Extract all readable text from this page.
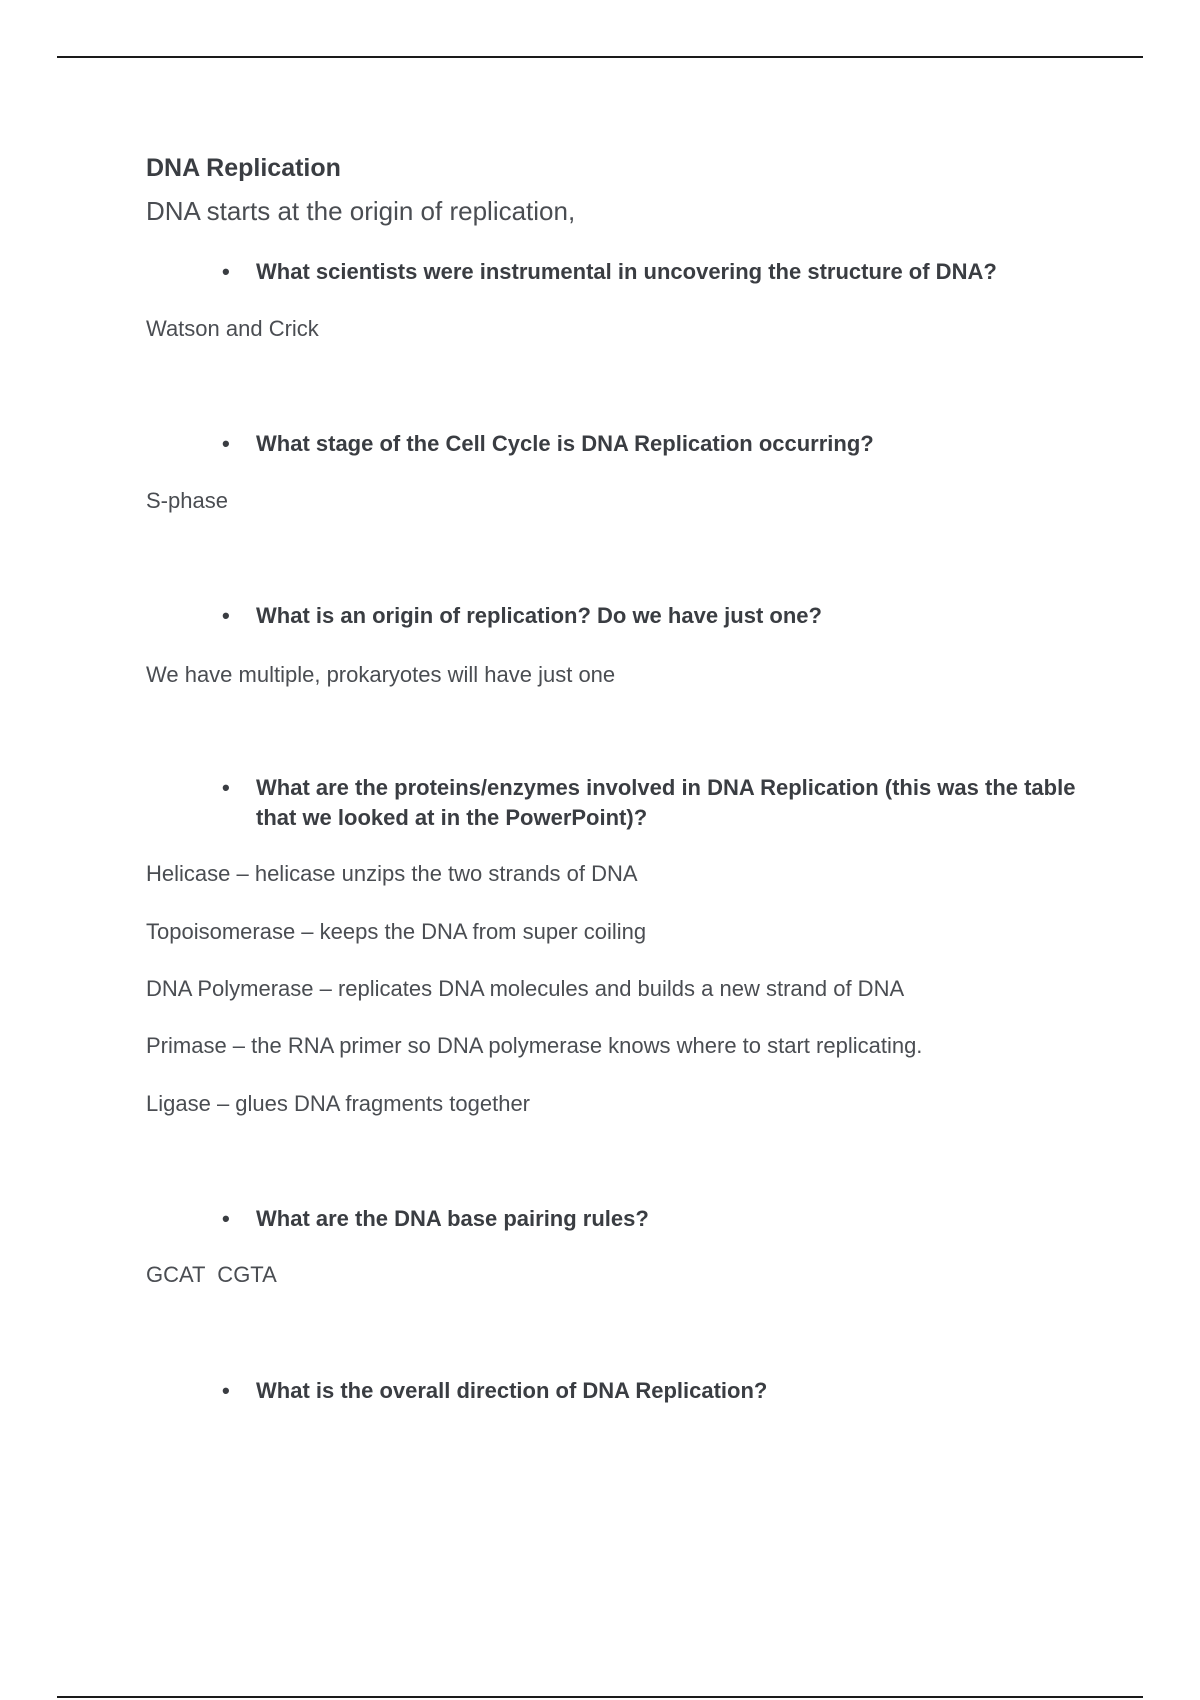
DNA Replication
DNA starts at the origin of replication,
• What scientists were instrumental in uncovering the structure of DNA?
Watson and Crick
• What stage of the Cell Cycle is DNA Replication occurring?
S-phase
• What is an origin of replication? Do we have just one?
We have multiple, prokaryotes will have just one
• What are the proteins/enzymes involved in DNA Replication (this was the table that we looked at in the PowerPoint)?
Helicase – helicase unzips the two strands of DNA
Topoisomerase – keeps the DNA from super coiling
DNA Polymerase – replicates DNA molecules and builds a new strand of DNA
Primase – the RNA primer so DNA polymerase knows where to start replicating.
Ligase – glues DNA fragments together
• What are the DNA base pairing rules?
GCAT  CGTA
• What is the overall direction of DNA Replication?
